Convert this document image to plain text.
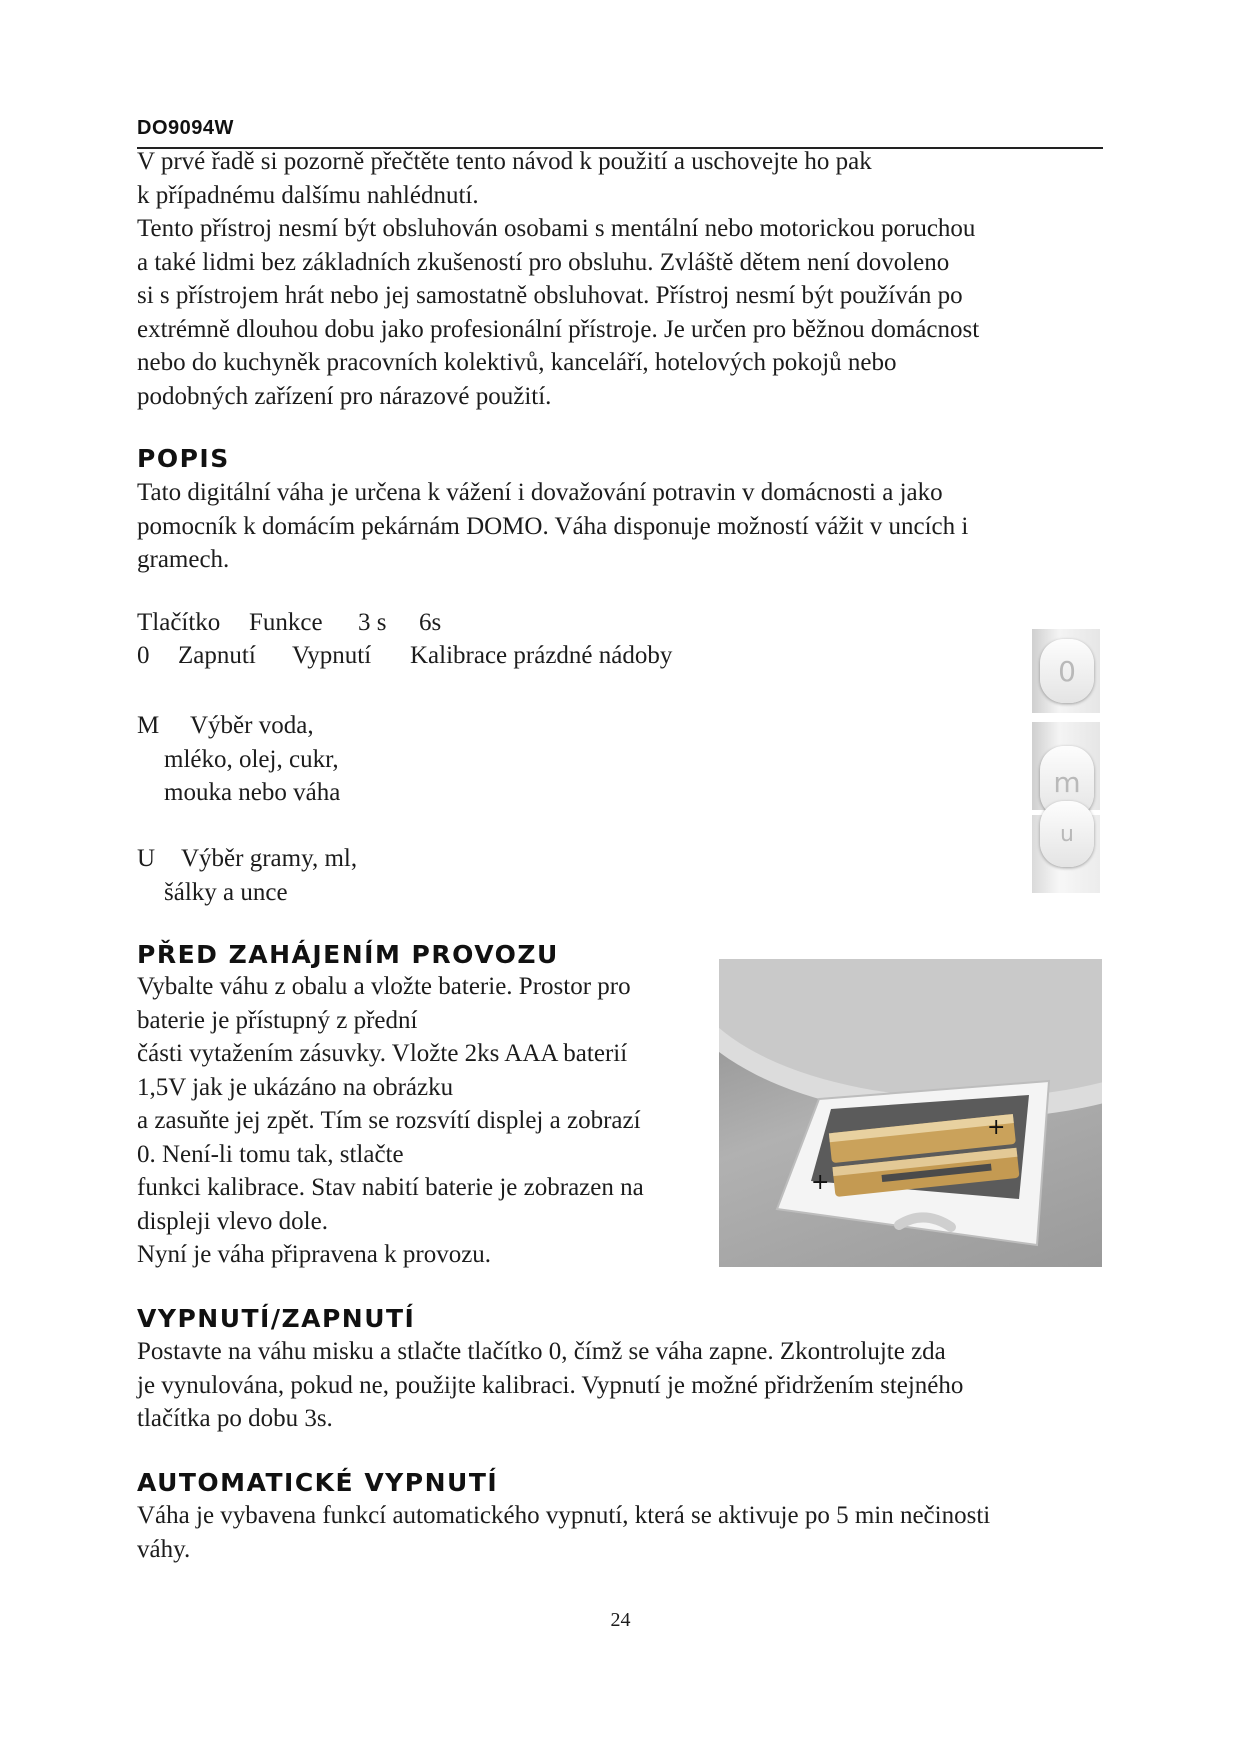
DO9094W
V prvé řadě si pozorně přečtěte tento návod k použití a uschovejte ho pak
k případnému dalšímu nahlédnutí.
Tento přístroj nesmí být obsluhován osobami s mentální nebo motorickou poruchou
a také lidmi bez základních zkušeností pro obsluhu. Zvláště dětem není dovoleno
si s přístrojem hrát nebo jej samostatně obsluhovat. Přístroj nesmí být používán po
extrémně dlouhou dobu jako profesionální přístroje. Je určen pro běžnou domácnost
nebo do kuchyněk pracovních kolektivů, kanceláří, hotelových pokojů nebo
podobných zařízení pro nárazové použití.
POPIS
Tato digitální váha je určena k vážení i dovažování potravin v domácnosti a jako
pomocník k domácím pekárnám DOMO. Váha disponuje možností vážit v uncích i
gramech.
Tlačítko Funkce 3 s 6s
0 Zapnutí Vypnutí Kalibrace prázdné nádoby
M	Výběr voda,
mléko, olej, cukr,
mouka nebo váha
U	Výběr gramy, ml,
šálky a unce
0
m
u
PŘED ZAHÁJENÍM PROVOZU
Vybalte váhu z obalu a vložte baterie. Prostor pro
baterie je přístupný z přední
části vytažením zásuvky. Vložte 2ks AAA baterií
1,5V jak je ukázáno na obrázku
a zasuňte jej zpět. Tím se rozsvítí displej a zobrazí
0. Není-li tomu tak, stlačte
funkci kalibrace. Stav nabití baterie je zobrazen na
displeji vlevo dole.
Nyní je váha připravena k provozu.
+
+
VYPNUTÍ/ZAPNUTÍ
Postavte na váhu misku a stlačte tlačítko 0, čímž se váha zapne. Zkontrolujte zda
je vynulována, pokud ne, použijte kalibraci. Vypnutí je možné přidržením stejného
tlačítka po dobu 3s.
AUTOMATICKÉ VYPNUTÍ
Váha je vybavena funkcí automatického vypnutí, která se aktivuje po 5 min nečinosti
váhy.
24
